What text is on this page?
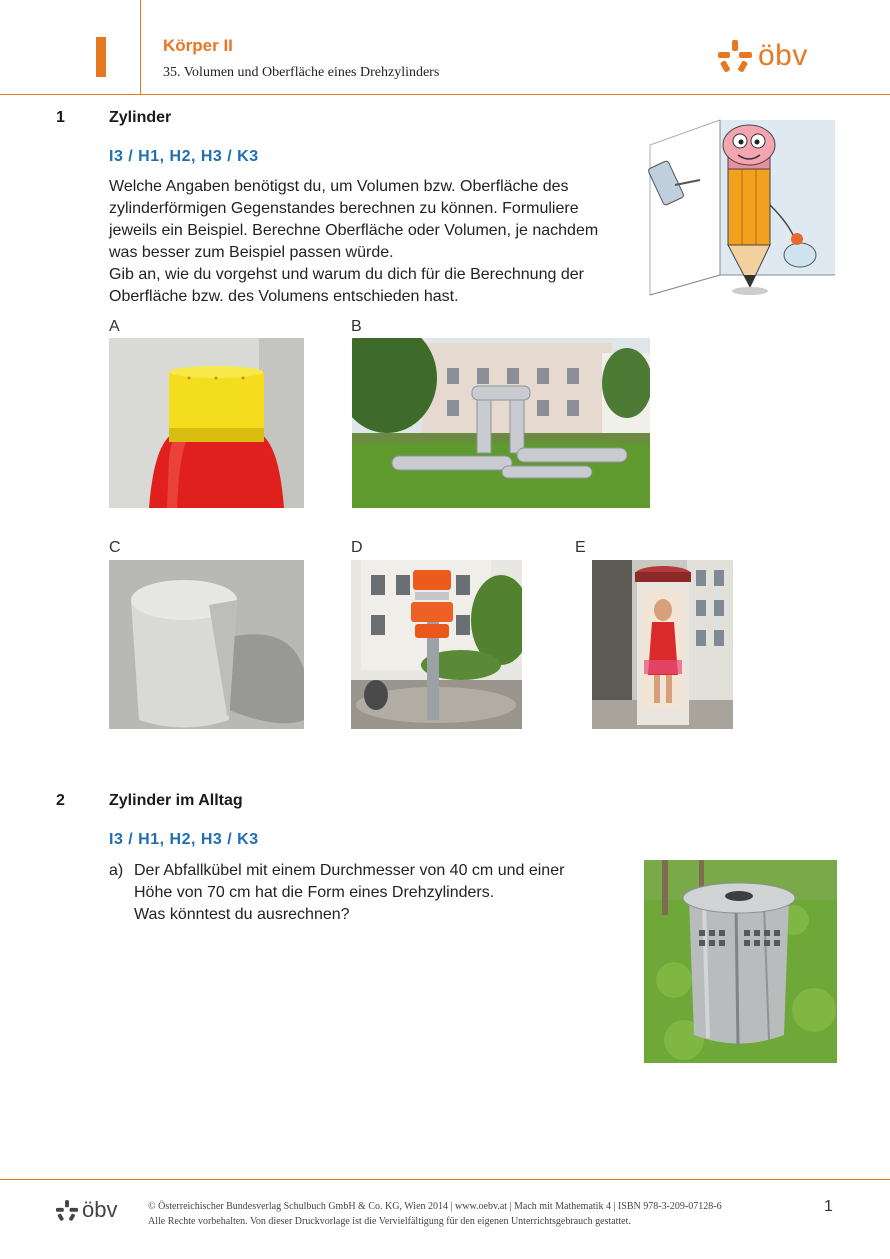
Körper II
35. Volumen und Oberfläche eines Drehzylinders
öbv
1	Zylinder
I3 / H1, H2, H3 / K3
Welche Angaben benötigst du, um Volumen bzw. Oberfläche des
zylinderförmigen Gegenstandes berechnen zu können. Formuliere
jeweils ein Beispiel. Berechne Oberfläche oder Volumen, je nachdem
was besser zum Beispiel passen würde.
Gib an, wie du vorgehst und warum du dich für die Berechnung der
Oberfläche bzw. des Volumens entschieden hast.
A	B
C	D	E
2	Zylinder im Alltag
I3 / H1, H2, H3 / K3
a) Der Abfallkübel mit einem Durchmesser von 40 cm und einer
Höhe von 70 cm hat die Form eines Drehzylinders.
Was könntest du ausrechnen?
öbv	© Österreichischer Bundesverlag Schulbuch GmbH & Co. KG, Wien 2014 | www.oebv.at | Mach mit Mathematik 4 | ISBN 978-3-209-07128-6
Alle Rechte vorbehalten. Von dieser Druckvorlage ist die Vervielfältigung für den eigenen Unterrichtsgebrauch gestattet.
1
